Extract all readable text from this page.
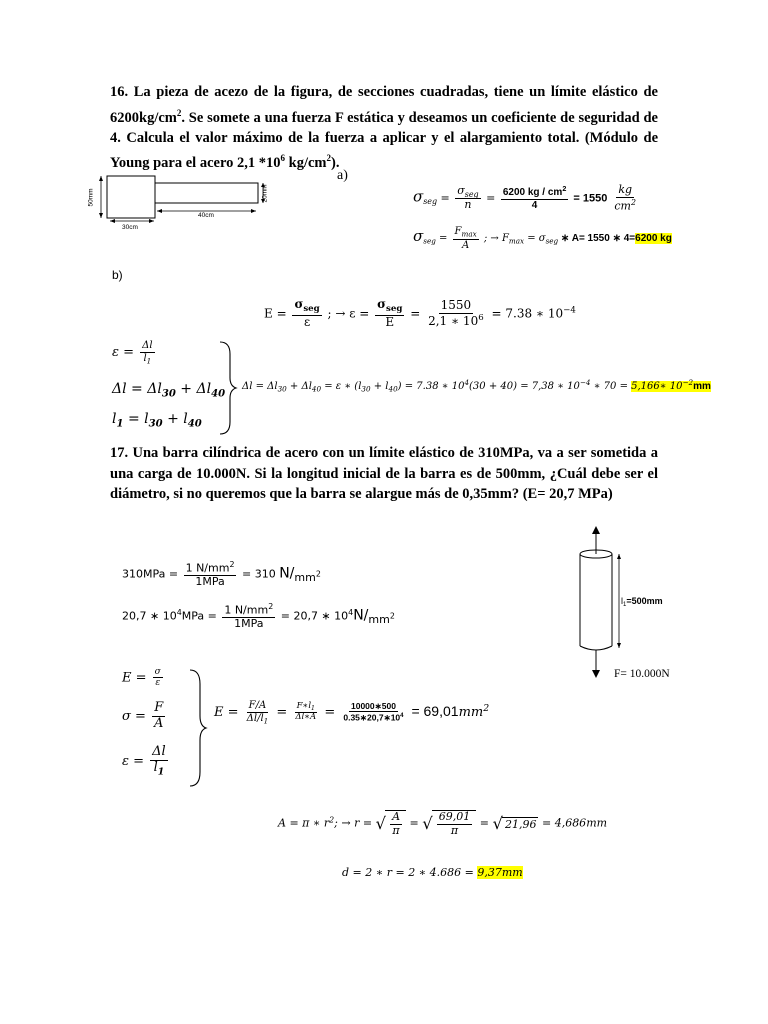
16. La pieza de acezo de la figura, de secciones cuadradas, tiene un límite elástico de $6200kg/cm^2$. Se somete a una fuerza F estática y deseamos un coeficiente de seguridad de 4. Calcula el valor máximo de la fuerza a aplicar y el alargamiento total. (Módulo de Young para el acero 2,1 $*10^6$ $kg/cm^2$).

50mm	20mm
40cm
30cm
a)
$\sigma_{seg} = \frac{\sigma_{seg}}{n} = \frac{6200 kg / cm^2}{4} = 1550 \frac{kg}{cm^2}$
$\sigma_{seg} = \frac{F_{max}}{A}$ ; → $F_{max} = \sigma_{seg}$ ∗ A= 1550 ∗ 4=6200 kg
b)
$E = \frac{\sigma_{seg}}{\varepsilon}$ ; → $\varepsilon = \frac{\sigma_{seg}}{E} = \frac{1550}{2,1 ∗ 10^6} = 7.38$ ∗ $10^{-4}$
$\varepsilon = \frac{\Delta l}{l_1}$
$\Delta l = \Delta l_{30} + \Delta l_{40}$
$l_1 = l_{30} + l_{40}$
$\Delta l = \Delta l_{30} + \Delta l_{40} = \varepsilon$ ∗ $(l_{30} + l_{40}) = 7.38$ ∗ $10^4(30 + 40) = 7,38$ ∗ $10^{-4}$ ∗ 70 = 5,166∗ $10^{-2}mm$

17. Una barra cilíndrica de acero con un límite elástico de 310MPa, va a ser sometida a una carga de 10.000N. Si la longitud inicial de la barra es de 500mm, ¿Cuál debe ser el diámetro, si no queremos que la barra se alargue más de 0,35mm? (E= 20,7 MPa)

$l_1=500mm$
F= 10.000N
$310MPa = \frac{1 N/mm^2}{\text{1MPa}} = 310$ $N/mm^2$
20,7 ∗ $10^4MPa = \frac{1 N/mm^2}{\text{1MPa}} = 20,7$ ∗ $10^4N/mm^2$
$E = \frac{\sigma}{\varepsilon}$
$\sigma = \frac{F}{A}$
$\varepsilon = \frac{\Delta l}{l_1}$
$E = \frac{F/A}{\Delta l/l_1} = \frac{F∗l_1}{\Delta l∗A} = \frac{10000∗500}{0.35∗20,7∗10^4} = 69,01mm^2$
A = π ∗ $r^2$; → r = √ $\frac{A}{\pi}$ = √ $\frac{69,01}{\pi}$ = √ 21,96 = 4,686mm
d = 2 ∗ r = 2 ∗ 4.686 = 9,37mm
